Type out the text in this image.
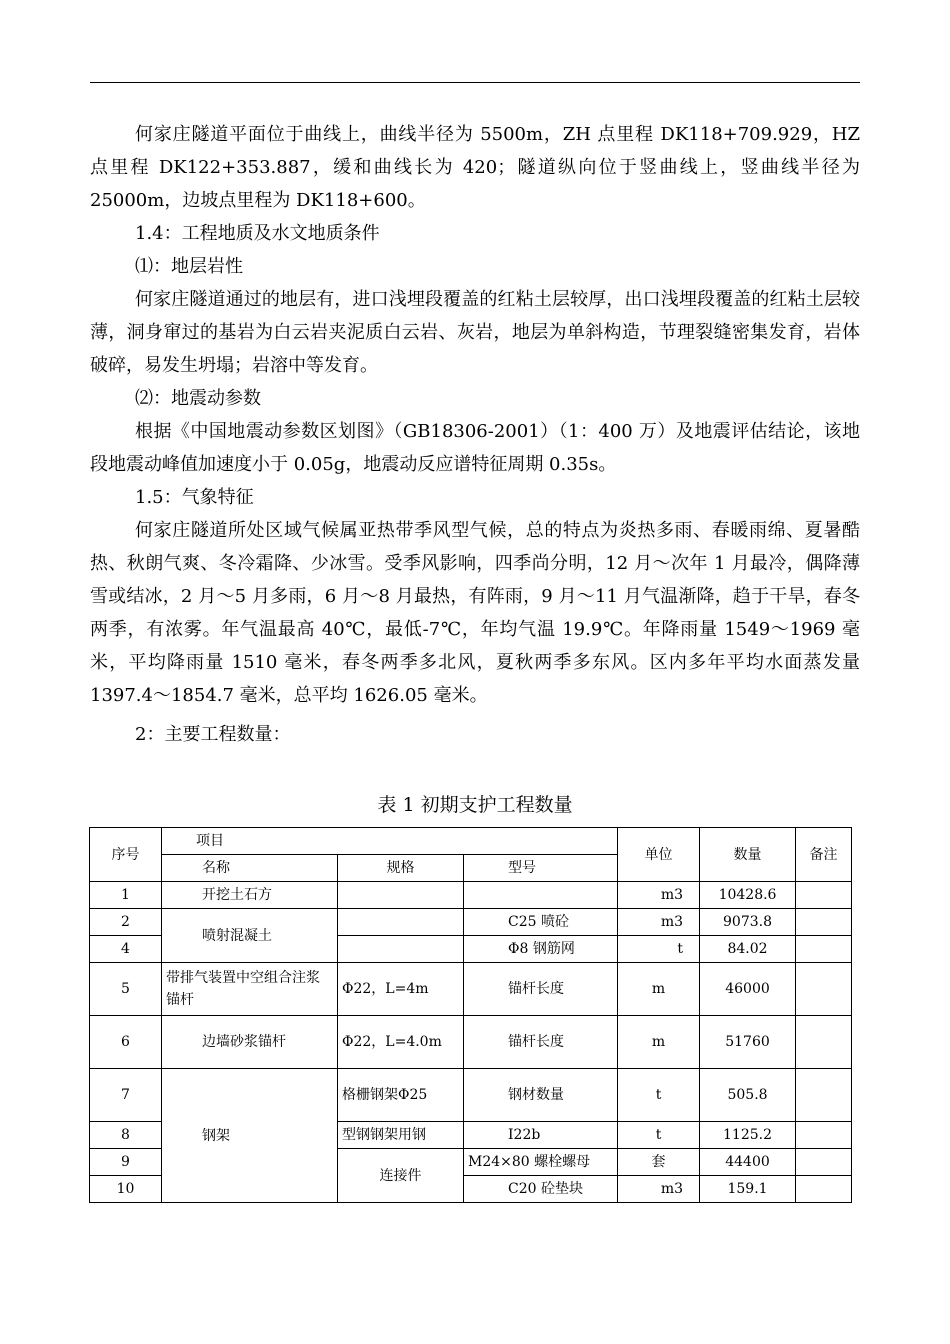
何家庄隧道平面位于曲线上，曲线半径为 5500m，ZH 点里程 DK118+709.929，HZ 点里程 DK122+353.887，缓和曲线长为 420；隧道纵向位于竖曲线上，竖曲线半径为 25000m，边坡点里程为 DK118+600。

1.4：工程地质及水文地质条件

⑴：地层岩性

何家庄隧道通过的地层有，进口浅埋段覆盖的红粘土层较厚，出口浅埋段覆盖的红粘土层较薄，洞身窜过的基岩为白云岩夹泥质白云岩、灰岩，地层为单斜构造，节理裂缝密集发育，岩体破碎，易发生坍塌；岩溶中等发育。

⑵：地震动参数

根据《中国地震动参数区划图》（GB18306-2001）（1：400 万）及地震评估结论，该地段地震动峰值加速度小于 0.05g，地震动反应谱特征周期 0.35s。

1.5：气象特征

何家庄隧道所处区域气候属亚热带季风型气候，总的特点为炎热多雨、春暖雨绵、夏暑酷热、秋朗气爽、冬冷霜降、少冰雪。受季风影响，四季尚分明，12 月～次年 1 月最冷，偶降薄雪或结冰，2 月～5 月多雨，6 月～8 月最热，有阵雨，9 月～11 月气温渐降，趋于干旱，春冬两季，有浓雾。年气温最高 40℃，最低-7℃，年均气温 19.9℃。年降雨量 1549～1969 毫米，平均降雨量 1510 毫米，春冬两季多北风，夏秋两季多东风。区内多年平均水面蒸发量 1397.4～1854.7 毫米，总平均 1626.05 毫米。

2：主要工程数量：

表 1 初期支护工程数量
序号	项目			单位	数量	备注
	名称	规格	型号			
1	开挖土石方			m3	10428.6	
2	喷射混凝土		C25 喷砼	m3	9073.8	
4			Φ8 钢筋网	t	84.02	
5	带排气装置中空组合注浆锚杆	Φ22，L=4m	锚杆长度	m	46000	
6	边墙砂浆锚杆	Φ22，L=4.0m	锚杆长度	m	51760	
7	钢架	格栅钢架Φ25	钢材数量	t	505.8	
8		型钢钢架用钢	I22b	t	1125.2	
9		连接件	M24×80 螺栓螺母	套	44400	
10			C20 砼垫块	m3	159.1	
